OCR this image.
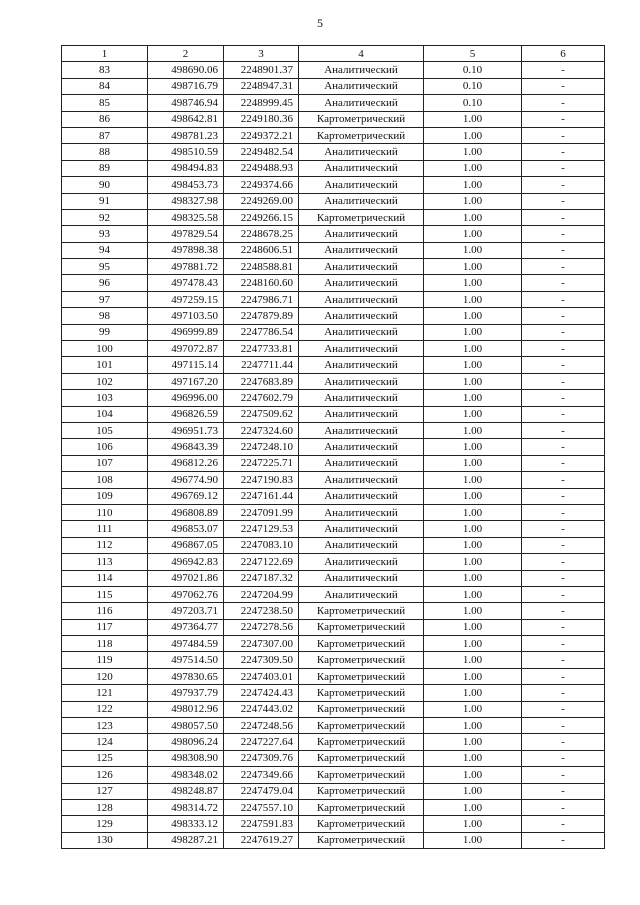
5
1	2	3	4	5	6
83	498690.06	2248901.37	Аналитический	0.10	-
84	498716.79	2248947.31	Аналитический	0.10	-
85	498746.94	2248999.45	Аналитический	0.10	-
86	498642.81	2249180.36	Картометрический	1.00	-
87	498781.23	2249372.21	Картометрический	1.00	-
88	498510.59	2249482.54	Аналитический	1.00	-
89	498494.83	2249488.93	Аналитический	1.00	-
90	498453.73	2249374.66	Аналитический	1.00	-
91	498327.98	2249269.00	Аналитический	1.00	-
92	498325.58	2249266.15	Картометрический	1.00	-
93	497829.54	2248678.25	Аналитический	1.00	-
94	497898.38	2248606.51	Аналитический	1.00	-
95	497881.72	2248588.81	Аналитический	1.00	-
96	497478.43	2248160.60	Аналитический	1.00	-
97	497259.15	2247986.71	Аналитический	1.00	-
98	497103.50	2247879.89	Аналитический	1.00	-
99	496999.89	2247786.54	Аналитический	1.00	-
100	497072.87	2247733.81	Аналитический	1.00	-
101	497115.14	2247711.44	Аналитический	1.00	-
102	497167.20	2247683.89	Аналитический	1.00	-
103	496996.00	2247602.79	Аналитический	1.00	-
104	496826.59	2247509.62	Аналитический	1.00	-
105	496951.73	2247324.60	Аналитический	1.00	-
106	496843.39	2247248.10	Аналитический	1.00	-
107	496812.26	2247225.71	Аналитический	1.00	-
108	496774.90	2247190.83	Аналитический	1.00	-
109	496769.12	2247161.44	Аналитический	1.00	-
110	496808.89	2247091.99	Аналитический	1.00	-
111	496853.07	2247129.53	Аналитический	1.00	-
112	496867.05	2247083.10	Аналитический	1.00	-
113	496942.83	2247122.69	Аналитический	1.00	-
114	497021.86	2247187.32	Аналитический	1.00	-
115	497062.76	2247204.99	Аналитический	1.00	-
116	497203.71	2247238.50	Картометрический	1.00	-
117	497364.77	2247278.56	Картометрический	1.00	-
118	497484.59	2247307.00	Картометрический	1.00	-
119	497514.50	2247309.50	Картометрический	1.00	-
120	497830.65	2247403.01	Картометрический	1.00	-
121	497937.79	2247424.43	Картометрический	1.00	-
122	498012.96	2247443.02	Картометрический	1.00	-
123	498057.50	2247248.56	Картометрический	1.00	-
124	498096.24	2247227.64	Картометрический	1.00	-
125	498308.90	2247309.76	Картометрический	1.00	-
126	498348.02	2247349.66	Картометрический	1.00	-
127	498248.87	2247479.04	Картометрический	1.00	-
128	498314.72	2247557.10	Картометрический	1.00	-
129	498333.12	2247591.83	Картометрический	1.00	-
130	498287.21	2247619.27	Картометрический	1.00	-
